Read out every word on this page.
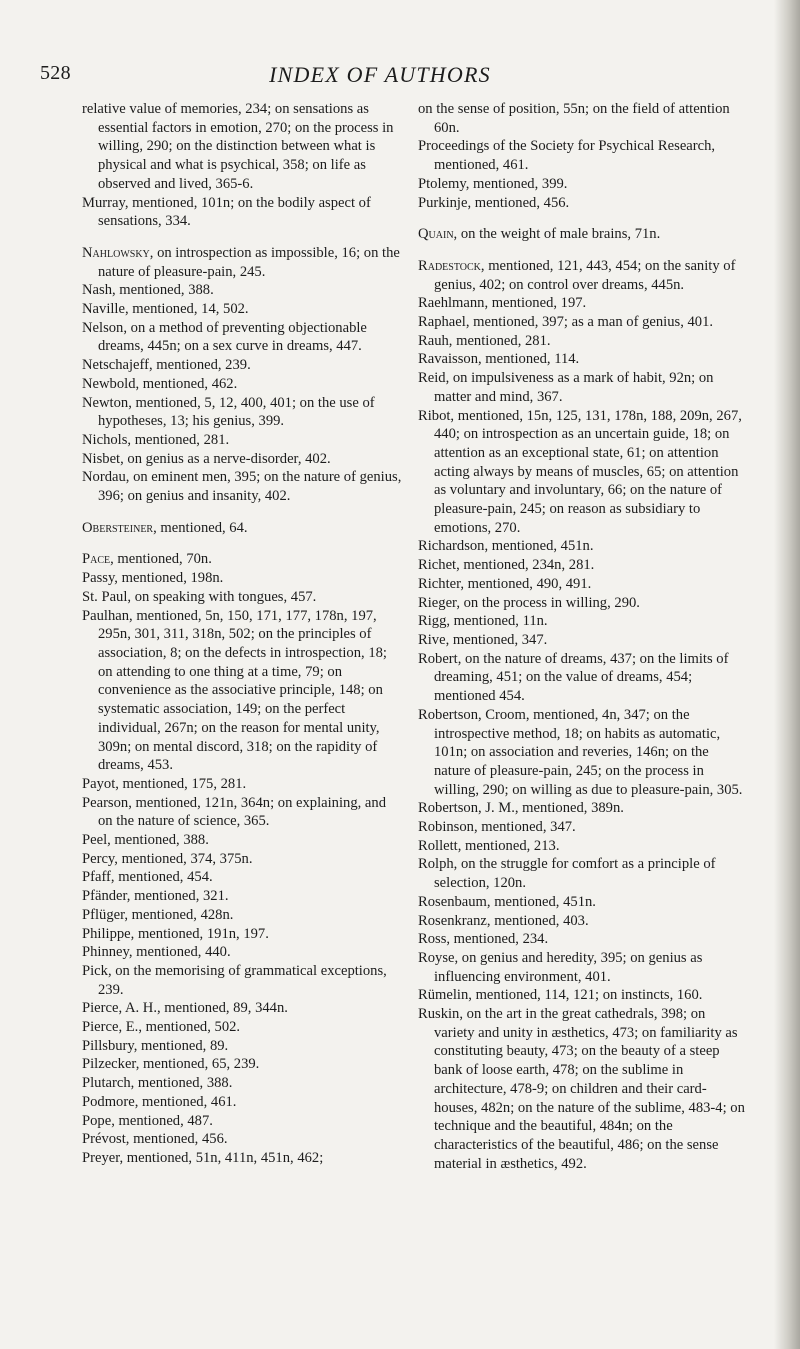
528	INDEX OF AUTHORS
relative value of memories, 234; on sensations as essential factors in emotion, 270; on the process in willing, 290; on the distinction between what is physical and what is psychical, 358; on life as observed and lived, 365-6.
Murray, mentioned, 101n; on the bodily aspect of sensations, 334.
Nahlowsky, on introspection as impossible, 16; on the nature of pleasure-pain, 245.
Nash, mentioned, 388.
Naville, mentioned, 14, 502.
Nelson, on a method of preventing objectionable dreams, 445n; on a sex curve in dreams, 447.
Netschajeff, mentioned, 239.
Newbold, mentioned, 462.
Newton, mentioned, 5, 12, 400, 401; on the use of hypotheses, 13; his genius, 399.
Nichols, mentioned, 281.
Nisbet, on genius as a nerve-disorder, 402.
Nordau, on eminent men, 395; on the nature of genius, 396; on genius and insanity, 402.
Obersteiner, mentioned, 64.
Pace, mentioned, 70n.
Passy, mentioned, 198n.
St. Paul, on speaking with tongues, 457.
Paulhan, mentioned, 5n, 150, 171, 177, 178n, 197, 295n, 301, 311, 318n, 502; on the principles of association, 8; on the defects in introspection, 18; on attending to one thing at a time, 79; on convenience as the associative principle, 148; on systematic association, 149; on the perfect individual, 267n; on the reason for mental unity, 309n; on mental discord, 318; on the rapidity of dreams, 453.
Payot, mentioned, 175, 281.
Pearson, mentioned, 121n, 364n; on explaining, and on the nature of science, 365.
Peel, mentioned, 388.
Percy, mentioned, 374, 375n.
Pfaff, mentioned, 454.
Pfänder, mentioned, 321.
Pflüger, mentioned, 428n.
Philippe, mentioned, 191n, 197.
Phinney, mentioned, 440.
Pick, on the memorising of grammatical exceptions, 239.
Pierce, A. H., mentioned, 89, 344n.
Pierce, E., mentioned, 502.
Pillsbury, mentioned, 89.
Pilzecker, mentioned, 65, 239.
Plutarch, mentioned, 388.
Podmore, mentioned, 461.
Pope, mentioned, 487.
Prévost, mentioned, 456.
Preyer, mentioned, 51n, 411n, 451n, 462;
on the sense of position, 55n; on the field of attention 60n.
Proceedings of the Society for Psychical Research, mentioned, 461.
Ptolemy, mentioned, 399.
Purkinje, mentioned, 456.
Quain, on the weight of male brains, 71n.
Radestock, mentioned, 121, 443, 454; on the sanity of genius, 402; on control over dreams, 445n.
Raehlmann, mentioned, 197.
Raphael, mentioned, 397; as a man of genius, 401.
Rauh, mentioned, 281.
Ravaisson, mentioned, 114.
Reid, on impulsiveness as a mark of habit, 92n; on matter and mind, 367.
Ribot, mentioned, 15n, 125, 131, 178n, 188, 209n, 267, 440; on introspection as an uncertain guide, 18; on attention as an exceptional state, 61; on attention acting always by means of muscles, 65; on attention as voluntary and involuntary, 66; on the nature of pleasure-pain, 245; on reason as subsidiary to emotions, 270.
Richardson, mentioned, 451n.
Richet, mentioned, 234n, 281.
Richter, mentioned, 490, 491.
Rieger, on the process in willing, 290.
Rigg, mentioned, 11n.
Rive, mentioned, 347.
Robert, on the nature of dreams, 437; on the limits of dreaming, 451; on the value of dreams, 454; mentioned 454.
Robertson, Croom, mentioned, 4n, 347; on the introspective method, 18; on habits as automatic, 101n; on association and reveries, 146n; on the nature of pleasure-pain, 245; on the process in willing, 290; on willing as due to pleasure-pain, 305.
Robertson, J. M., mentioned, 389n.
Robinson, mentioned, 347.
Rollett, mentioned, 213.
Rolph, on the struggle for comfort as a principle of selection, 120n.
Rosenbaum, mentioned, 451n.
Rosenkranz, mentioned, 403.
Ross, mentioned, 234.
Royse, on genius and heredity, 395; on genius as influencing environment, 401.
Rümelin, mentioned, 114, 121; on instincts, 160.
Ruskin, on the art in the great cathedrals, 398; on variety and unity in æsthetics, 473; on familiarity as constituting beauty, 473; on the beauty of a steep bank of loose earth, 478; on the sublime in architecture, 478-9; on children and their card-houses, 482n; on the nature of the sublime, 483-4; on technique and the beautiful, 484n; on the characteristics of the beautiful, 486; on the sense material in æsthetics, 492.
